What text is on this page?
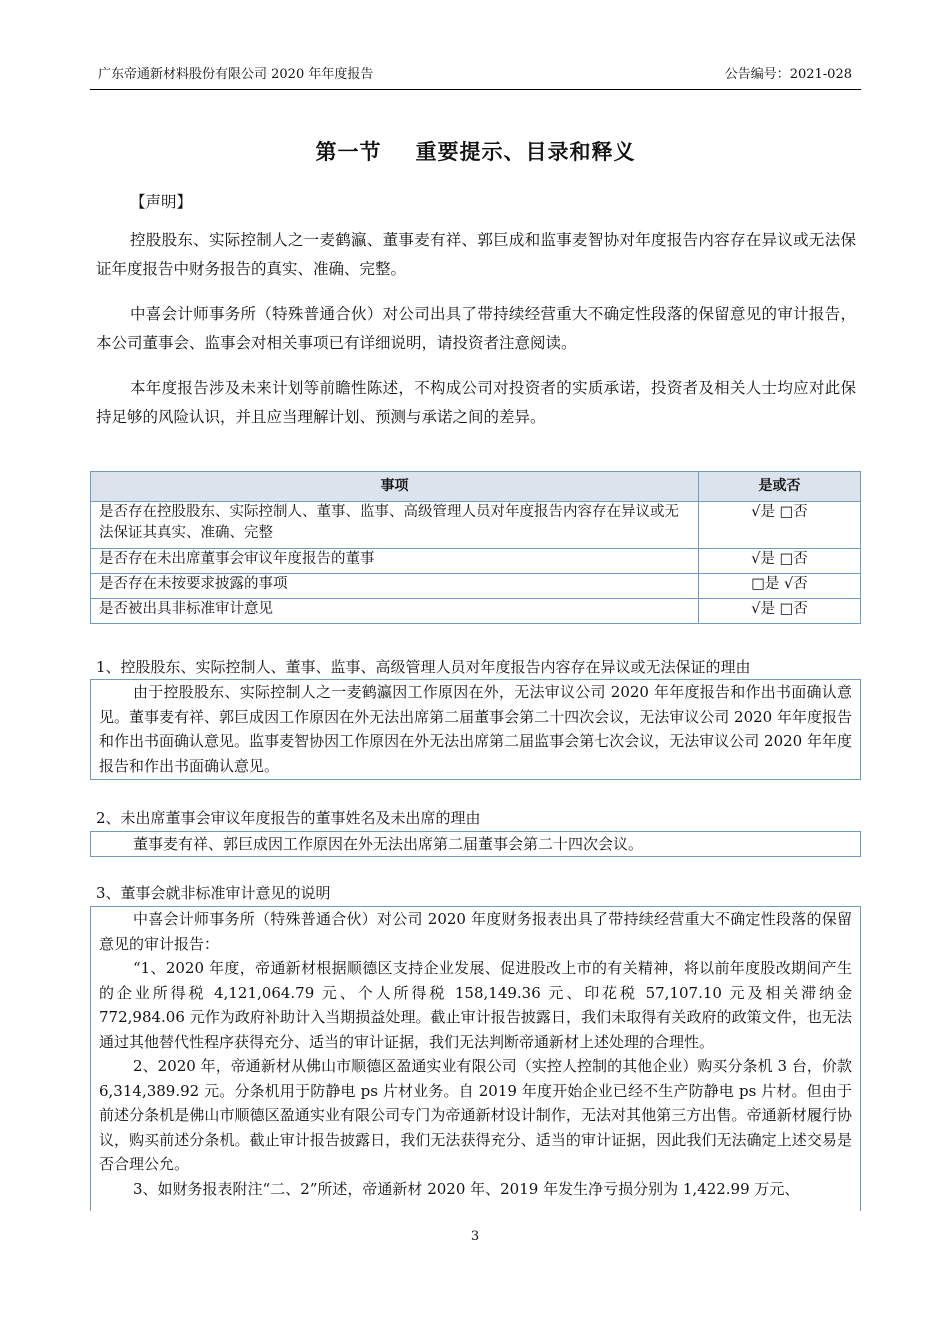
广东帝通新材料股份有限公司 2020 年年度报告	公告编号：2021-028
第一节 重要提示、目录和释义
【声明】

控股股东、实际控制人之一麦鹤瀛、董事麦有祥、郭巨成和监事麦智协对年度报告内容存在异议或无法保证年度报告中财务报告的真实、准确、完整。

中喜会计师事务所（特殊普通合伙）对公司出具了带持续经营重大不确定性段落的保留意见的审计报告，本公司董事会、监事会对相关事项已有详细说明，请投资者注意阅读。

本年度报告涉及未来计划等前瞻性陈述，不构成公司对投资者的实质承诺，投资者及相关人士均应对此保持足够的风险认识，并且应当理解计划、预测与承诺之间的差异。

事项	是或否
是否存在控股股东、实际控制人、董事、监事、高级管理人员对年度报告内容存在异议或无法保证其真实、准确、完整	√是 □否
是否存在未出席董事会审议年度报告的董事	√是 □否
是否存在未按要求披露的事项	□是 √否
是否被出具非标准审计意见	√是 □否
1、控股股东、实际控制人、董事、监事、高级管理人员对年度报告内容存在异议或无法保证的理由

由于控股股东、实际控制人之一麦鹤瀛因工作原因在外，无法审议公司 2020 年年度报告和作出书面确认意见。董事麦有祥、郭巨成因工作原因在外无法出席第二届董事会第二十四次会议，无法审议公司 2020 年年度报告和作出书面确认意见。监事麦智协因工作原因在外无法出席第二届监事会第七次会议，无法审议公司 2020 年年度报告和作出书面确认意见。

2、未出席董事会审议年度报告的董事姓名及未出席的理由

董事麦有祥、郭巨成因工作原因在外无法出席第二届董事会第二十四次会议。

3、董事会就非标准审计意见的说明

中喜会计师事务所（特殊普通合伙）对公司 2020 年度财务报表出具了带持续经营重大不确定性段落的保留意见的审计报告：

“1、2020 年度，帝通新材根据顺德区支持企业发展、促进股改上市的有关精神，将以前年度股改期间产生的企业所得税 4,121,064.79 元、个人所得税 158,149.36 元、印花税 57,107.10 元及相关滞纳金 772,984.06 元作为政府补助计入当期损益处理。截止审计报告披露日，我们未取得有关政府的政策文件，也无法通过其他替代性程序获得充分、适当的审计证据，我们无法判断帝通新材上述处理的合理性。

2、2020 年，帝通新材从佛山市顺德区盈通实业有限公司（实控人控制的其他企业）购买分条机 3 台，价款 6,314,389.92 元。分条机用于防静电 ps 片材业务。自 2019 年度开始企业已经不生产防静电 ps 片材。但由于前述分条机是佛山市顺德区盈通实业有限公司专门为帝通新材设计制作，无法对其他第三方出售。帝通新材履行协议，购买前述分条机。截止审计报告披露日，我们无法获得充分、适当的审计证据，因此我们无法确定上述交易是否合理公允。

3、如财务报表附注“二、2”所述，帝通新材 2020 年、2019 年发生净亏损分别为 1,422.99 万元、

3
